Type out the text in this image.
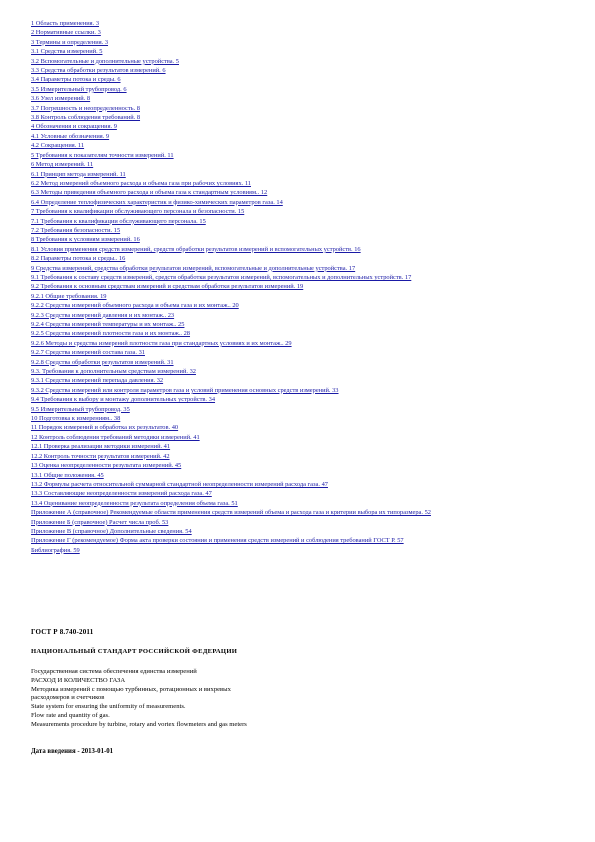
1 Область применения. 3
2 Нормативные ссылки. 3
3 Термины и определения. 3
3.1 Средства измерений. 5
3.2 Вспомогательные и дополнительные устройства. 5
3.3 Средства обработки результатов измерений. 6
3.4 Параметры потока и среды. 6
3.5 Измерительный трубопровод. 6
3.6 Узел измерений. 8
3.7 Погрешность и неопределенность. 8
3.8 Контроль соблюдения требований. 8
4 Обозначения и сокращения. 9
4.1 Условные обозначения. 9
4.2 Сокращения. 11
5 Требования к показателям точности измерений. 11
6 Метод измерений. 11
6.1 Принцип метода измерений. 11
6.2 Метод измерений объемного расхода и объема газа при рабочих условиях. 11
6.3 Методы приведения объемного расхода и объема газа к стандартным условиям.. 12
6.4 Определение теплофизических характеристик и физико-химических параметров газа. 14
7 Требования к квалификации обслуживающего персонала и безопасности. 15
7.1 Требования к квалификации обслуживающего персонала. 15
7.2 Требования безопасности. 15
8 Требования к условиям измерений. 16
8.1 Условия применения средств измерений, средств обработки результатов измерений и вспомогательных устройств. 16
8.2 Параметры потока и среды.. 16
9 Средства измерений, средства обработки результатов измерений, вспомогательные и дополнительные устройства. 17
9.1 Требования к составу средств измерений, средств обработки результатов измерений, вспомогательных и дополнительных устройств. 17
9.2 Требования к основным средствам измерений и средствам обработки результатов измерений. 19
9.2.1 Общие требования. 19
9.2.2 Средства измерений объемного расхода и объема газа и их монтаж.. 20
9.2.3 Средства измерений давления и их монтаж.. 23
9.2.4 Средства измерений температуры и их монтаж.. 25
9.2.5 Средства измерений плотности газа и их монтаж.. 28
9.2.6 Методы и средства измерений плотности газа при стандартных условиях и их монтаж.. 29
9.2.7 Средства измерений состава газа. 31
9.2.8 Средства обработки результатов измерений. 31
9.3. Требования к дополнительным средствам измерений. 32
9.3.1 Средства измерений перепада давления. 32
9.3.2 Средства измерений или контроля параметров газа и условий применения основных средств измерений. 33
9.4 Требования к выбору и монтажу дополнительных устройств. 34
9.5 Измерительный трубопровод. 35
10 Подготовка к измерениям.. 38
11 Порядок измерений и обработка их результатов. 40
12 Контроль соблюдения требований методики измерений. 41
12.1 Проверка реализации методики измерений. 41
12.2 Контроль точности результатов измерений. 42
13 Оценка неопределенности результата измерений. 45
13.1 Общие положения. 45
13.2 Формулы расчета относительной суммарной стандартной неопределенности измерений расхода газа. 47
13.3 Составляющие неопределенности измерений расхода газа. 47
13.4 Оценивание неопределенности результата определения объема газа. 51
Приложение А (справочное) Рекомендуемые области применения средств измерений объема и расхода газа и критерии выбора их типоразмера. 52
Приложение Б (справочное) Расчет числа проб. 53
Приложение В (справочное) Дополнительные сведения. 54
Приложение Г (рекомендуемое) Форма акта проверки состояния и применения средств измерений и соблюдения требований ГОСТ Р. 57
Библиография. 59
ГОСТ Р 8.740-2011
НАЦИОНАЛЬНЫЙ СТАНДАРТ РОССИЙСКОЙ ФЕДЕРАЦИИ
Государственная система обеспечения единства измерений
РАСХОД И КОЛИЧЕСТВО ГАЗА
Методика измерений с помощью турбинных, ротационных и вихревых
расходомеров и счетчиков
State system for ensuring the uniformity of measurements.
Flow rate and quantity of gas.
Measurements procedure by turbine, rotary and vortex flowmeters and gas meters
Дата введения - 2013-01-01
